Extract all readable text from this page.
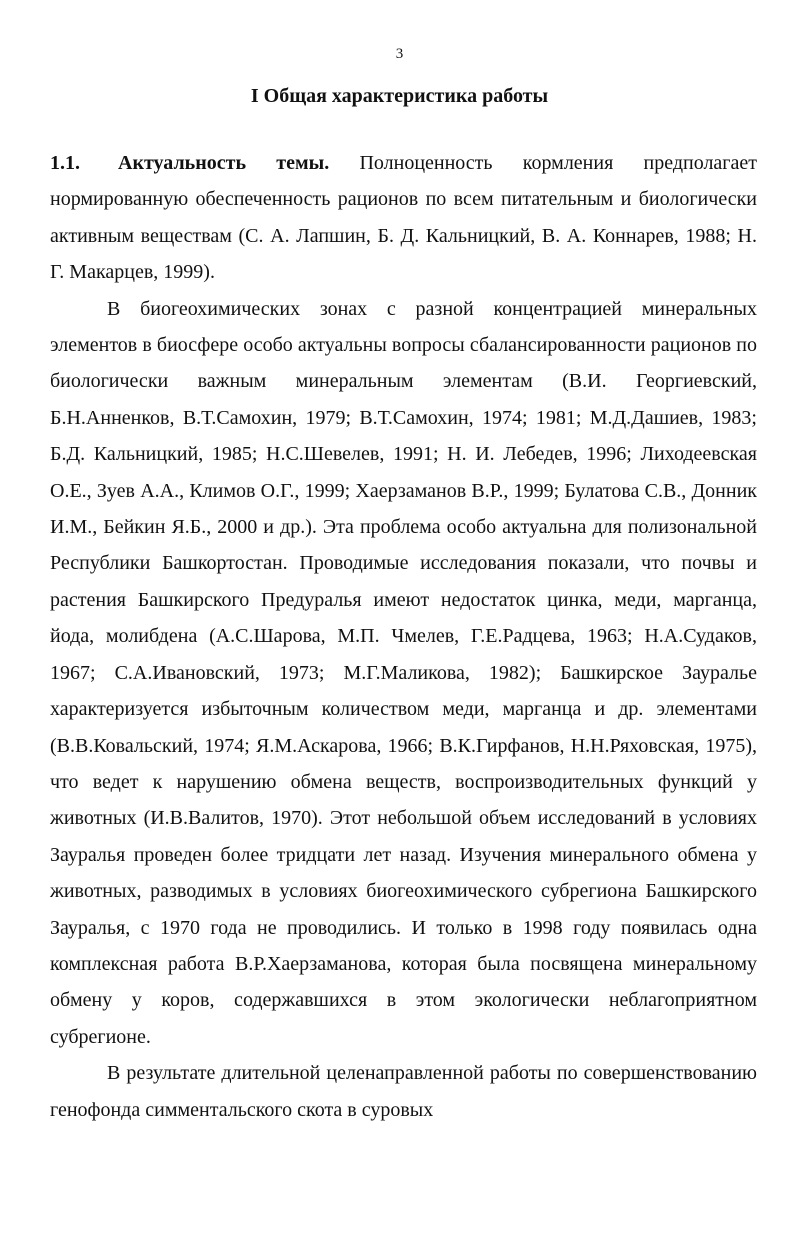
3
I Общая характеристика работы

1.1. Актуальность темы. Полноценность кормления предполагает нормированную обеспеченность рационов по всем питательным и биологически активным веществам (С. А. Лапшин, Б. Д. Кальницкий, В. А. Коннарев, 1988; Н. Г. Макарцев, 1999).

В биогеохимических зонах с разной концентрацией минеральных элементов в биосфере особо актуальны вопросы сбалансированности рационов по биологически важным минеральным элементам (В.И. Георгиевский, Б.Н.Анненков, В.Т.Самохин, 1979; В.Т.Самохин, 1974; 1981; М.Д.Дашиев, 1983; Б.Д. Кальницкий, 1985; Н.С.Шевелев, 1991; Н. И. Лебедев, 1996; Лиходеевская О.Е., Зуев А.А., Климов О.Г., 1999; Хаерзаманов В.Р., 1999; Булатова С.В., Донник И.М., Бейкин Я.Б., 2000 и др.). Эта проблема особо актуальна для полизональной Республики Башкортостан. Проводимые исследования показали, что почвы и растения Башкирского Предуралья имеют недостаток цинка, меди, марганца, йода, молибдена (А.С.Шарова, М.П. Чмелев, Г.Е.Радцева, 1963; Н.А.Судаков, 1967; С.А.Ивановский, 1973; М.Г.Маликова, 1982); Башкирское Зауралье характеризуется избыточным количеством меди, марганца и др. элементами (В.В.Ковальский, 1974; Я.М.Аскарова, 1966; В.К.Гирфанов, Н.Н.Ряховская, 1975), что ведет к нарушению обмена веществ, воспроизводительных функций у животных (И.В.Валитов, 1970). Этот небольшой объем исследований в условиях Зауралья проведен более тридцати лет назад. Изучения минерального обмена у животных, разводимых в условиях биогеохимического субрегиона Башкирского Зауралья, с 1970 года не проводились. И только в 1998 году появилась одна комплексная работа В.Р.Хаерзаманова, которая была посвящена минеральному обмену у коров, содержавшихся в этом экологически неблагоприятном субрегионе.

В результате длительной целенаправленной работы по совершенствованию генофонда симментальского скота в суровых
